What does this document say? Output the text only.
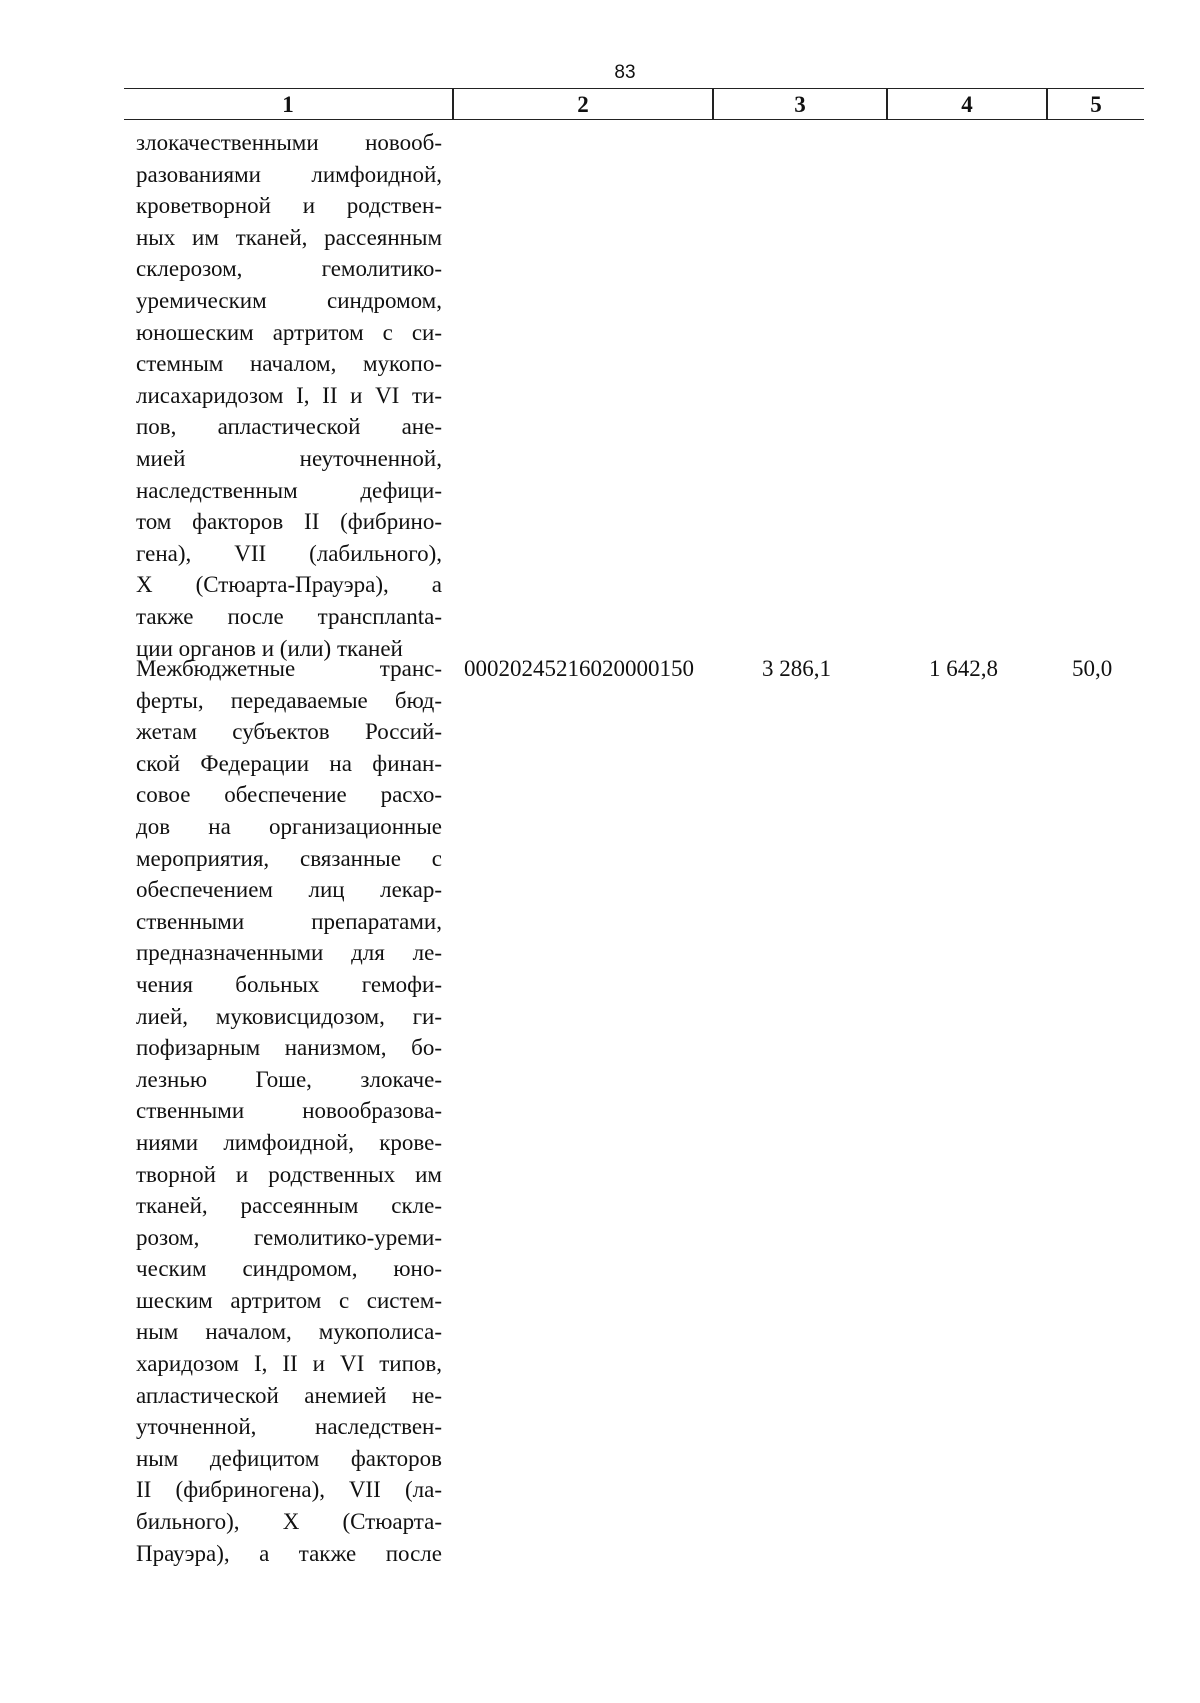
83
1	2	3	4	5
злокачественными новооб-
разованиями лимфоидной,
кроветворной и родствен-
ных им тканей, рассеянным
склерозом, гемолитико-
уремическим синдромом,
юношеским артритом с си-
стемным началом, мукопо-
лисахаридозом I, II и VI ти-
пов, апластической ане-
мией неуточненной,
наследственным дефици-
том факторов II (фибрино-
гена), VII (лабильного),
X (Стюарта-Прауэра), а
также после трансплanta-
ции органов и (или) тканей
Межбюджетные транс-
ферты, передаваемые бюд-
жетам субъектов Россий-
ской Федерации на финан-
совое обеспечение расхо-
дов на организационные
мероприятия, связанные с
обеспечением лиц лекар-
ственными препаратами,
предназначенными для ле-
чения больных гемофи-
лией, муковисцидозом, ги-
пофизарным нанизмом, бо-
лезнью Гоше, злокаче-
ственными новообразова-
ниями лимфоидной, крове-
творной и родственных им
тканей, рассеянным скле-
розом, гемолитико-уреми-
ческим синдромом, юно-
шеским артритом с систем-
ным началом, мукополиса-
харидозом I, II и VI типов,
апластической анемией не-
уточненной, наследствен-
ным дефицитом факторов
II (фибриногена), VII (ла-
бильного), X (Стюарта-
Прауэра), а также после
00020245216020000150	3 286,1	1 642,8	50,0
